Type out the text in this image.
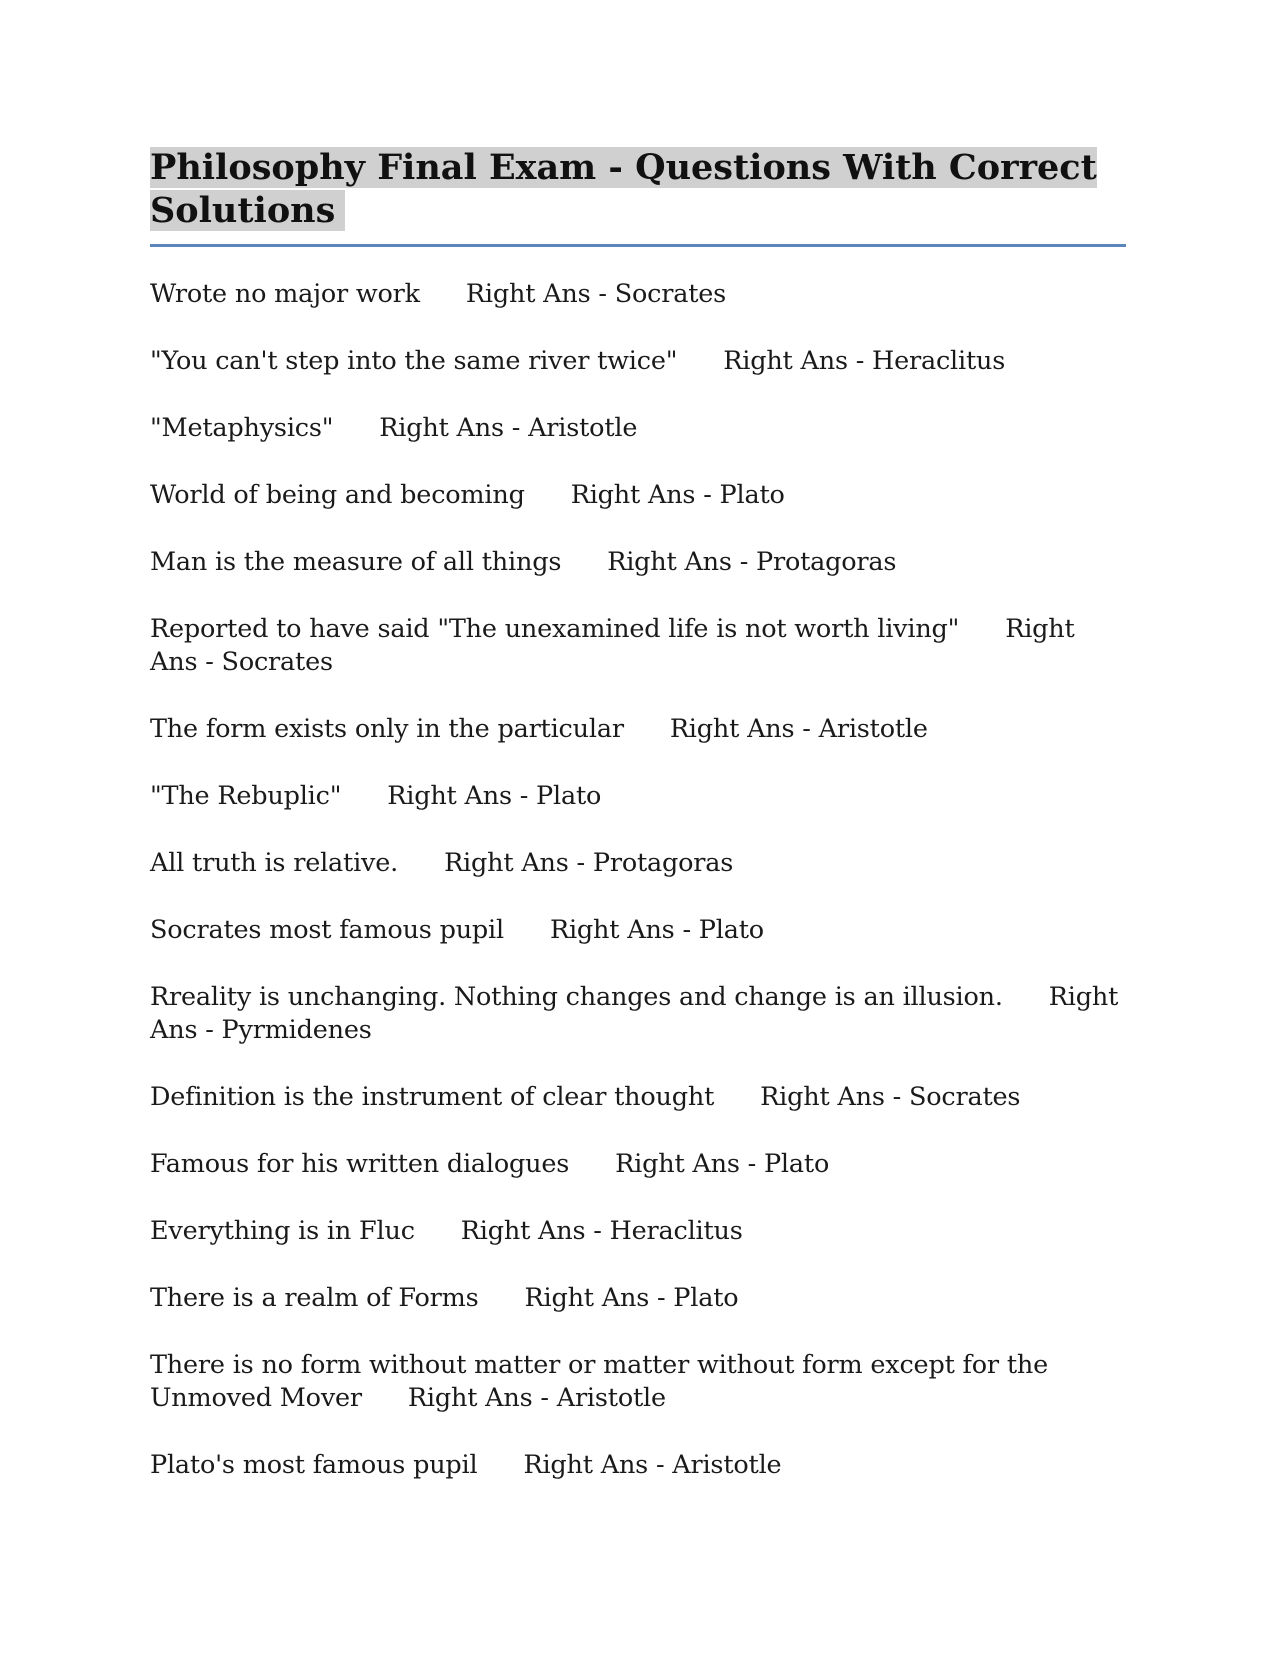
Philosophy Final Exam - Questions With Correct Solutions
Wrote no major work Right Ans - Socrates
"You can't step into the same river twice" Right Ans - Heraclitus
"Metaphysics" Right Ans - Aristotle
World of being and becoming Right Ans - Plato
Man is the measure of all things Right Ans - Protagoras
Reported to have said "The unexamined life is not worth living" Right Ans - Socrates
The form exists only in the particular Right Ans - Aristotle
"The Rebuplic" Right Ans - Plato
All truth is relative. Right Ans - Protagoras
Socrates most famous pupil Right Ans - Plato
Rreality is unchanging. Nothing changes and change is an illusion. Right Ans - Pyrmidenes
Definition is the instrument of clear thought Right Ans - Socrates
Famous for his written dialogues Right Ans - Plato
Everything is in Fluc Right Ans - Heraclitus
There is a realm of Forms Right Ans - Plato
There is no form without matter or matter without form except for the Unmoved Mover Right Ans - Aristotle
Plato's most famous pupil Right Ans - Aristotle
